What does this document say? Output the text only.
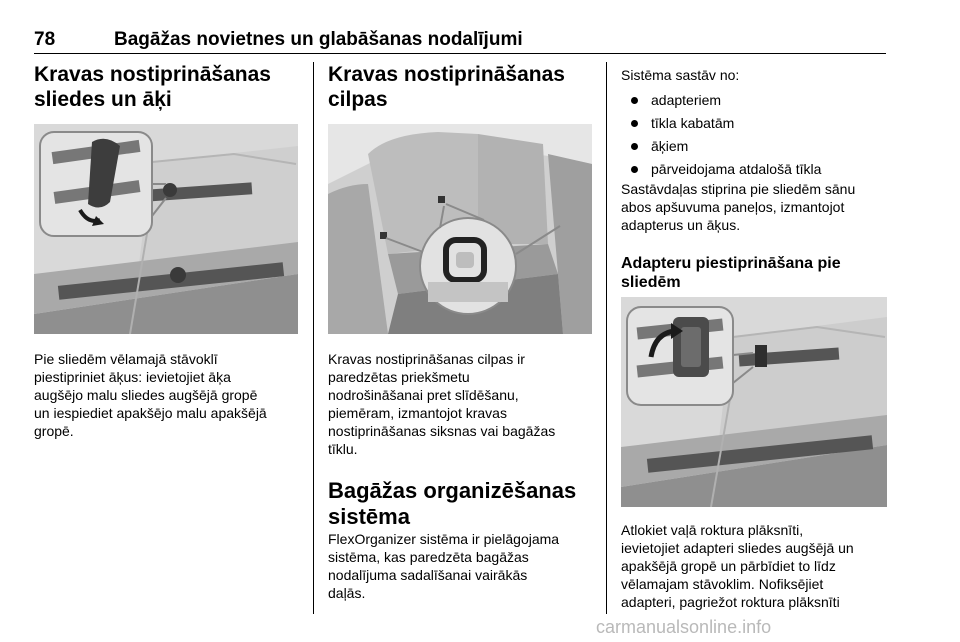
78	Bagāžas novietnes un glabāšanas nodalījumi
Kravas nostiprināšanas
sliedes un āķi

Pie sliedēm vēlamajā stāvoklī
piestipriniet āķus: ievietojiet āķa
augšējo malu sliedes augšējā gropē
un iespiediet apakšējo malu apakšējā
gropē.

Kravas nostiprināšanas
cilpas

Kravas nostiprināšanas cilpas ir
paredzētas priekšmetu
nodrošināšanai pret slīdēšanu,
piemēram, izmantojot kravas
nostiprināšanas siksnas vai bagāžas
tīklu.

Bagāžas organizēšanas
sistēma

FlexOrganizer sistēma ir pielāgojama
sistēma, kas paredzēta bagāžas
nodalījuma sadalīšanai vairākās
daļās.

Sistēma sastāv no:

adapteriem
tīkla kabatām
āķiem
pārveidojama atdalošā tīkla

Sastāvdaļas stiprina pie sliedēm sānu
abos apšuvuma paneļos, izmantojot
adapterus un āķus.

Adapteru piestiprināšana pie
sliedēm

Atlokiet vaļā roktura plāksnīti,
ievietojiet adapteri sliedes augšējā un
apakšējā gropē un pārbīdiet to līdz
vēlamajam stāvoklim. Nofiksējiet
adapteri, pagriežot roktura plāksnīti

carmanualsonline.info
